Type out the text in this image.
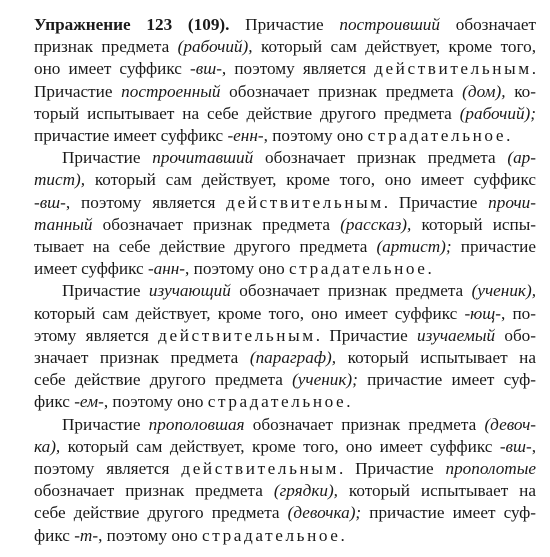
Упражнение 123 (109). Причастие построивший обозначает
признак предмета (рабочий), который сам действует, кроме того,
оно имеет суффикс -вш-, поэтому является действительным.
Причастие построенный обозначает признак предмета (дом), ко-
торый испытывает на себе действие другого предмета (рабочий);
причастие имеет суффикс -енн-, поэтому оно страдательное.

Причастие прочитавший обозначает признак предмета (ар-
тист), который сам действует, кроме того, оно имеет суффикс
-вш-, поэтому является действительным. Причастие прочи-
танный обозначает признак предмета (рассказ), который испы-
тывает на себе действие другого предмета (артист); причастие
имеет суффикс -анн-, поэтому оно страдательное.

Причастие изучающий обозначает признак предмета (ученик),
который сам действует, кроме того, оно имеет суффикс -ющ-, по-
этому является действительным. Причастие изучаемый обо-
значает признак предмета (параграф), который испытывает на
себе действие другого предмета (ученик); причастие имеет суф-
фикс -ем-, поэтому оно страдательное.

Причастие прополовшая обозначает признак предмета (девоч-
ка), который сам действует, кроме того, оно имеет суффикс -вш-,
поэтому является действительным. Причастие прополотые
обозначает признак предмета (грядки), который испытывает на
себе действие другого предмета (девочка); причастие имеет суф-
фикс -т-, поэтому оно страдательное.
